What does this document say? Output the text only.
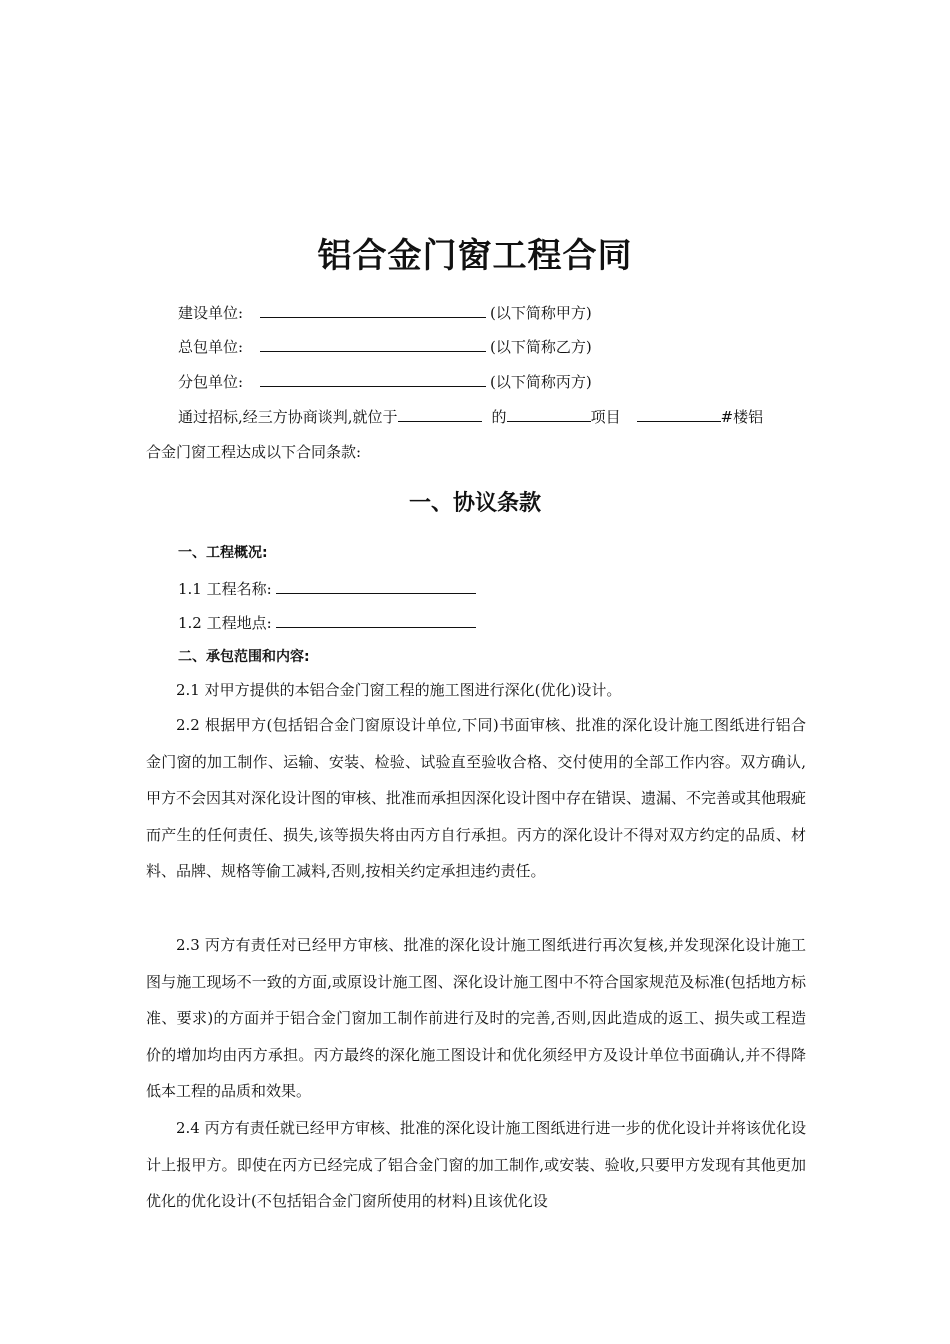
铝合金门窗工程合同
建设单位:	(以下简称甲方)
总包单位:	(以下简称乙方)
分包单位:	(以下简称丙方)
通过招标,经三方协商谈判,就位于	的	项目	#楼铝
合金门窗工程达成以下合同条款:
一、协议条款
一、工程概况:
1.1 工程名称:
1.2 工程地点:
二、承包范围和内容:

2.1 对甲方提供的本铝合金门窗工程的施工图进行深化(优化)设计。

2.2 根据甲方(包括铝合金门窗原设计单位,下同)书面审核、批准的深化设计施工图纸进行铝合金门窗的加工制作、运输、安装、检验、试验直至验收合格、交付使用的全部工作内容。双方确认,甲方不会因其对深化设计图的审核、批准而承担因深化设计图中存在错误、遗漏、不完善或其他瑕疵而产生的任何责任、损失,该等损失将由丙方自行承担。丙方的深化设计不得对双方约定的品质、材料、品牌、规格等偷工减料,否则,按相关约定承担违约责任。

2.3 丙方有责任对已经甲方审核、批准的深化设计施工图纸进行再次复核,并发现深化设计施工图与施工现场不一致的方面,或原设计施工图、深化设计施工图中不符合国家规范及标准(包括地方标准、要求)的方面并于铝合金门窗加工制作前进行及时的完善,否则,因此造成的返工、损失或工程造价的增加均由丙方承担。丙方最终的深化施工图设计和优化须经甲方及设计单位书面确认,并不得降低本工程的品质和效果。

2.4 丙方有责任就已经甲方审核、批准的深化设计施工图纸进行进一步的优化设计并将该优化设计上报甲方。即使在丙方已经完成了铝合金门窗的加工制作,或安装、验收,只要甲方发现有其他更加优化的优化设计(不包括铝合金门窗所使用的材料)且该优化设
